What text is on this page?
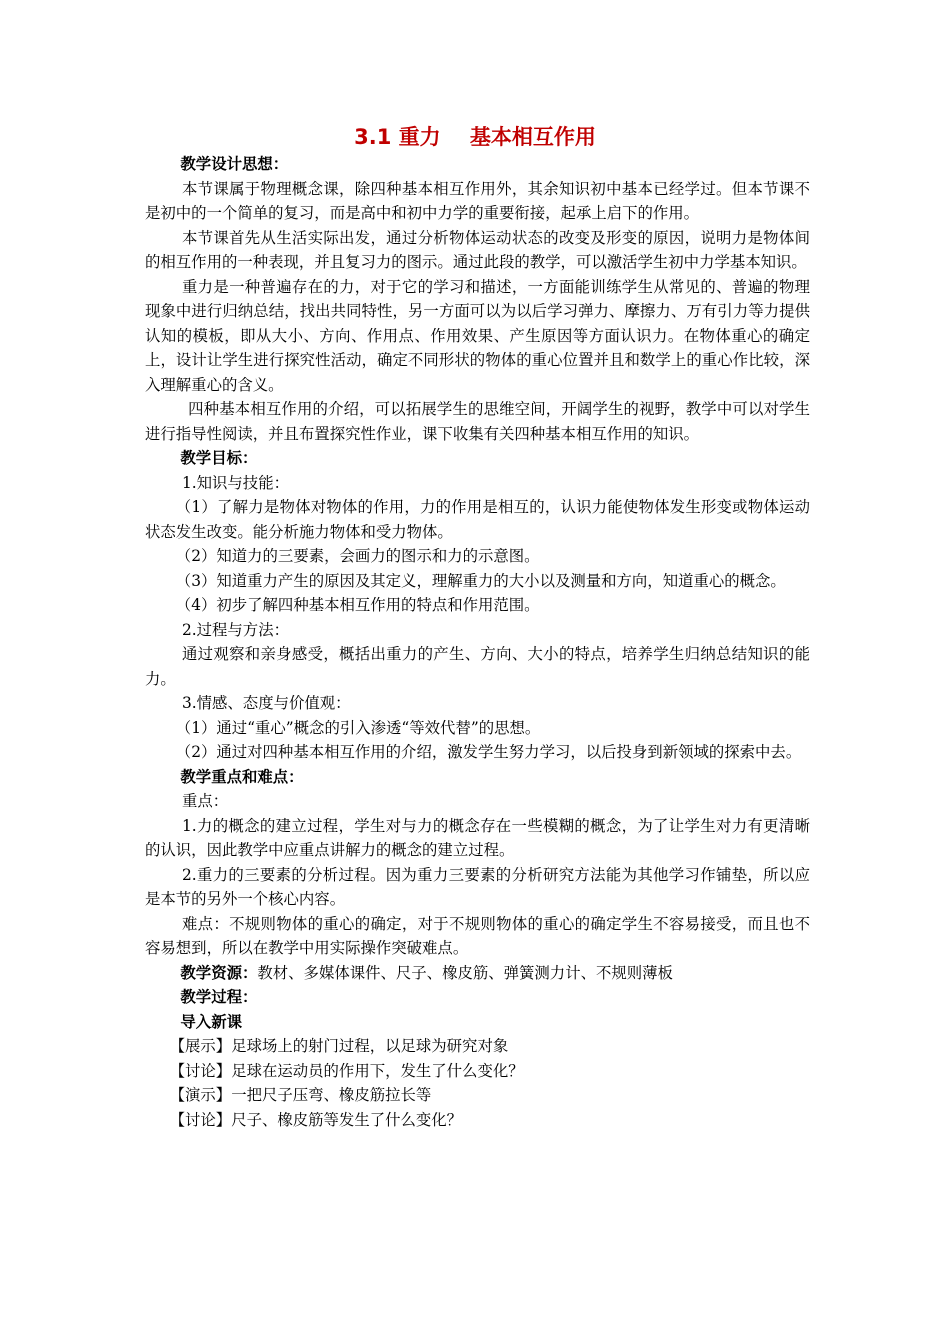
3.1 重力    基本相互作用

教学设计思想：

本节课属于物理概念课，除四种基本相互作用外，其余知识初中基本已经学过。但本节课不是初中的一个简单的复习，而是高中和初中力学的重要衔接，起承上启下的作用。

本节课首先从生活实际出发，通过分析物体运动状态的改变及形变的原因，说明力是物体间的相互作用的一种表现，并且复习力的图示。通过此段的教学，可以激活学生初中力学基本知识。

重力是一种普遍存在的力，对于它的学习和描述，一方面能训练学生从常见的、普遍的物理现象中进行归纳总结，找出共同特性，另一方面可以为以后学习弹力、摩擦力、万有引力等力提供认知的模板，即从大小、方向、作用点、作用效果、产生原因等方面认识力。在物体重心的确定上，设计让学生进行探究性活动，确定不同形状的物体的重心位置并且和数学上的重心作比较，深入理解重心的含义。

四种基本相互作用的介绍，可以拓展学生的思维空间，开阔学生的视野，教学中可以对学生进行指导性阅读，并且布置探究性作业，课下收集有关四种基本相互作用的知识。

教学目标：

1.知识与技能：

（1）了解力是物体对物体的作用，力的作用是相互的，认识力能使物体发生形变或物体运动状态发生改变。能分析施力物体和受力物体。

（2）知道力的三要素，会画力的图示和力的示意图。

（3）知道重力产生的原因及其定义，理解重力的大小以及测量和方向，知道重心的概念。

（4）初步了解四种基本相互作用的特点和作用范围。

2.过程与方法：

通过观察和亲身感受，概括出重力的产生、方向、大小的特点，培养学生归纳总结知识的能力。

3.情感、态度与价值观：

（1）通过“重心”概念的引入渗透“等效代替”的思想。

（2）通过对四种基本相互作用的介绍，激发学生努力学习，以后投身到新领域的探索中去。

教学重点和难点：

重点：

1.力的概念的建立过程，学生对与力的概念存在一些模糊的概念，为了让学生对力有更清晰的认识，因此教学中应重点讲解力的概念的建立过程。

2.重力的三要素的分析过程。因为重力三要素的分析研究方法能为其他学习作铺垫，所以应是本节的另外一个核心内容。

难点：不规则物体的重心的确定，对于不规则物体的重心的确定学生不容易接受，而且也不容易想到，所以在教学中用实际操作突破难点。

教学资源：教材、多媒体课件、尺子、橡皮筋、弹簧测力计、不规则薄板

教学过程：

导入新课

【展示】足球场上的射门过程，以足球为研究对象

【讨论】足球在运动员的作用下，发生了什么变化？

【演示】一把尺子压弯、橡皮筋拉长等

【讨论】尺子、橡皮筋等发生了什么变化？
